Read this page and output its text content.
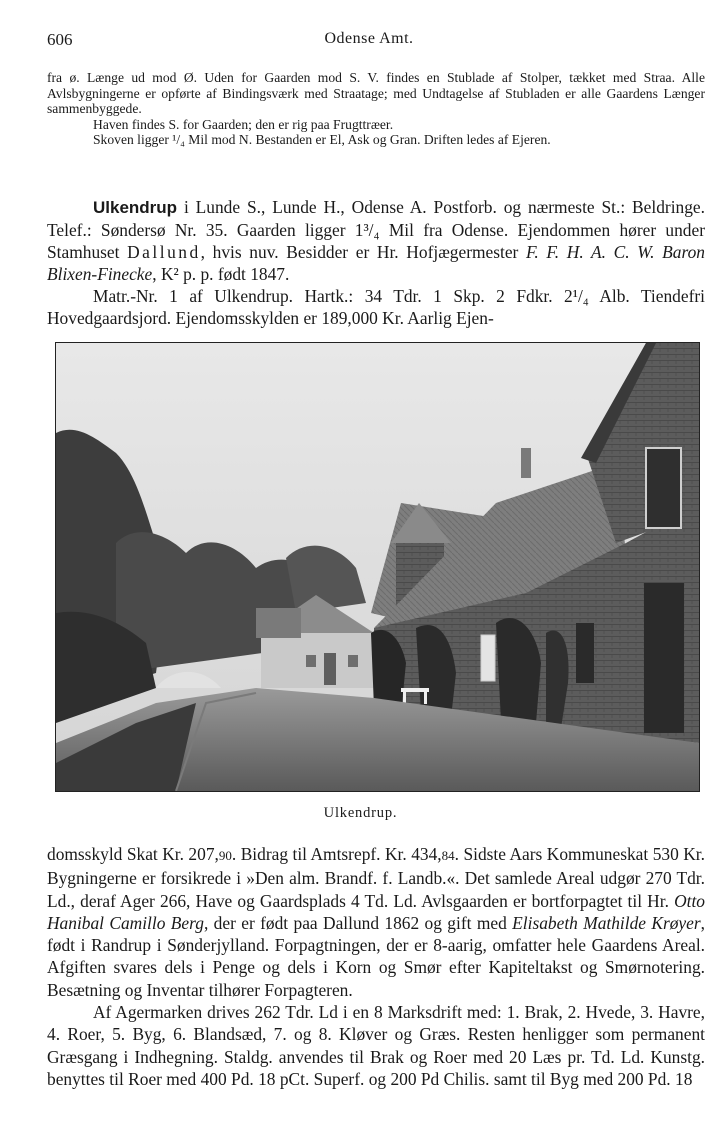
606	Odense Amt.

fra ø. Længe ud mod Ø. Uden for Gaarden mod S. V. findes en Stublade af Stolper, tækket med Straa. Alle Avlsbygningerne er opførte af Bindingsværk med Straatage; med Undtagelse af Stubladen er alle Gaardens Længer sammenbyggede.

Haven findes S. for Gaarden; den er rig paa Frugttræer.

Skoven ligger ¹/₄ Mil mod N. Bestanden er El, Ask og Gran. Driften ledes af Ejeren.

Ulkendrup i Lunde S., Lunde H., Odense A. Postforb. og nærmeste St.: Beldringe. Telef.: Søndersø Nr. 35. Gaarden ligger 1³/₄ Mil fra Odense. Ejendommen hører under Stamhuset Dallund, hvis nuv. Besidder er Hr. Hofjægermester F. F. H. A. C. W. Baron Blixen-Finecke, K² p. p. født 1847.

Matr.-Nr. 1 af Ulkendrup. Hartk.: 34 Tdr. 1 Skp. 2 Fdkr. 2¹/₄ Alb. Tiendefri Hovedgaardsjord. Ejendomsskylden er 189,000 Kr. Aarlig Ejen-

Ulkendrup.

domsskyld Skat Kr. 207,90. Bidrag til Amtsrepf. Kr. 434,84. Sidste Aars Kommuneskat 530 Kr. Bygningerne er forsikrede i »Den alm. Brandf. f. Landb.«. Det samlede Areal udgør 270 Tdr. Ld., deraf Ager 266, Have og Gaardsplads 4 Td. Ld. Avlsgaarden er bortforpagtet til Hr. Otto Hanibal Camillo Berg, der er født paa Dallund 1862 og gift med Elisabeth Mathilde Krøyer, født i Randrup i Sønderjylland. Forpagtningen, der er 8-aarig, omfatter hele Gaardens Areal. Afgiften svares dels i Penge og dels i Korn og Smør efter Kapiteltakst og Smørnotering. Besætning og Inventar tilhører Forpagteren.

Af Agermarken drives 262 Tdr. Ld i en 8 Marksdrift med: 1. Brak, 2. Hvede, 3. Havre, 4. Roer, 5. Byg, 6. Blandsæd, 7. og 8. Kløver og Græs. Resten henligger som permanent Græsgang i Indhegning. Staldg. anvendes til Brak og Roer med 20 Læs pr. Td. Ld. Kunstg. benyttes til Roer med 400 Pd. 18 pCt. Superf. og 200 Pd Chilis. samt til Byg med 200 Pd. 18
